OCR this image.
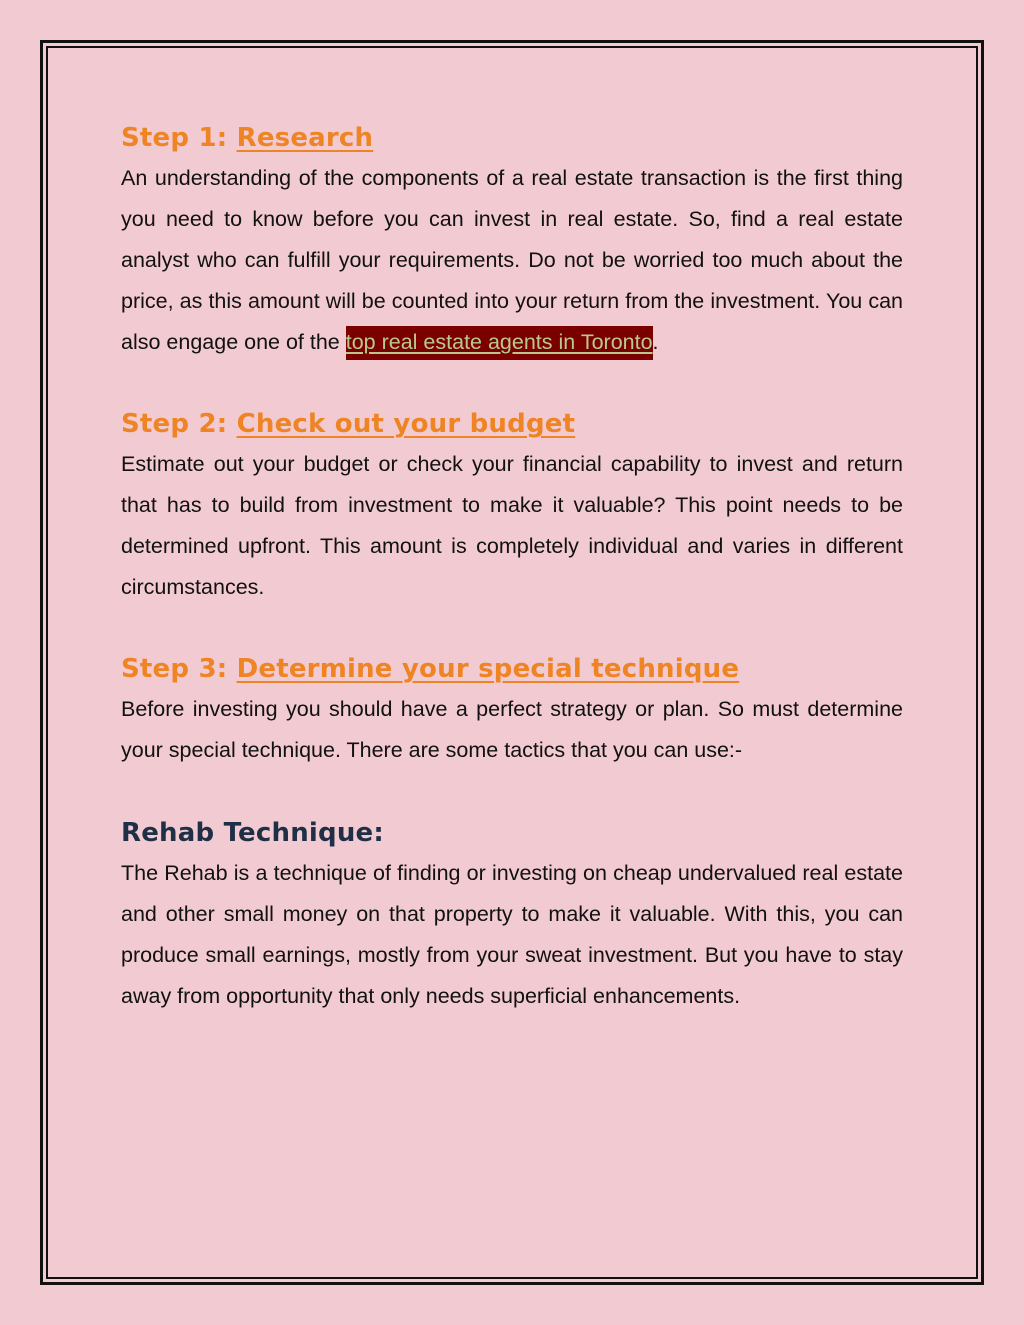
Step 1: Research

An understanding of the components of a real estate transaction is the first thing you need to know before you can invest in real estate. So, find a real estate analyst who can fulfill your requirements. Do not be worried too much about the price, as this amount will be counted into your return from the investment. You can also engage one of the top real estate agents in Toronto.

Step 2: Check out your budget

Estimate out your budget or check your financial capability to invest and return that has to build from investment to make it valuable? This point needs to be determined upfront. This amount is completely individual and varies in different circumstances.

Step 3: Determine your special technique

Before investing you should have a perfect strategy or plan. So must determine your special technique. There are some tactics that you can use:-

Rehab Technique:

The Rehab is a technique of finding or investing on cheap undervalued real estate and other small money on that property to make it valuable. With this, you can produce small earnings, mostly from your sweat investment. But you have to stay away from opportunity that only needs superficial enhancements.
